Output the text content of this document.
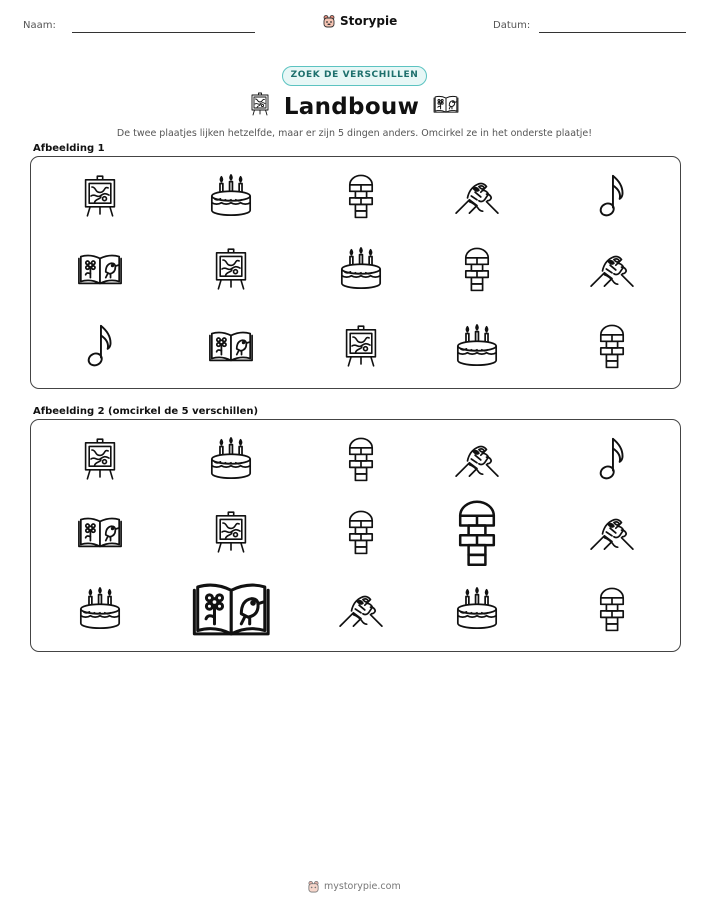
Naam:	Storypie	Datum:
ZOEK DE VERSCHILLEN
Landbouw
De twee plaatjes lijken hetzelfde, maar er zijn 5 dingen anders. Omcirkel ze in het onderste plaatje!
Afbeelding 1
Afbeelding 2 (omcirkel de 5 verschillen)
mystorypie.com
